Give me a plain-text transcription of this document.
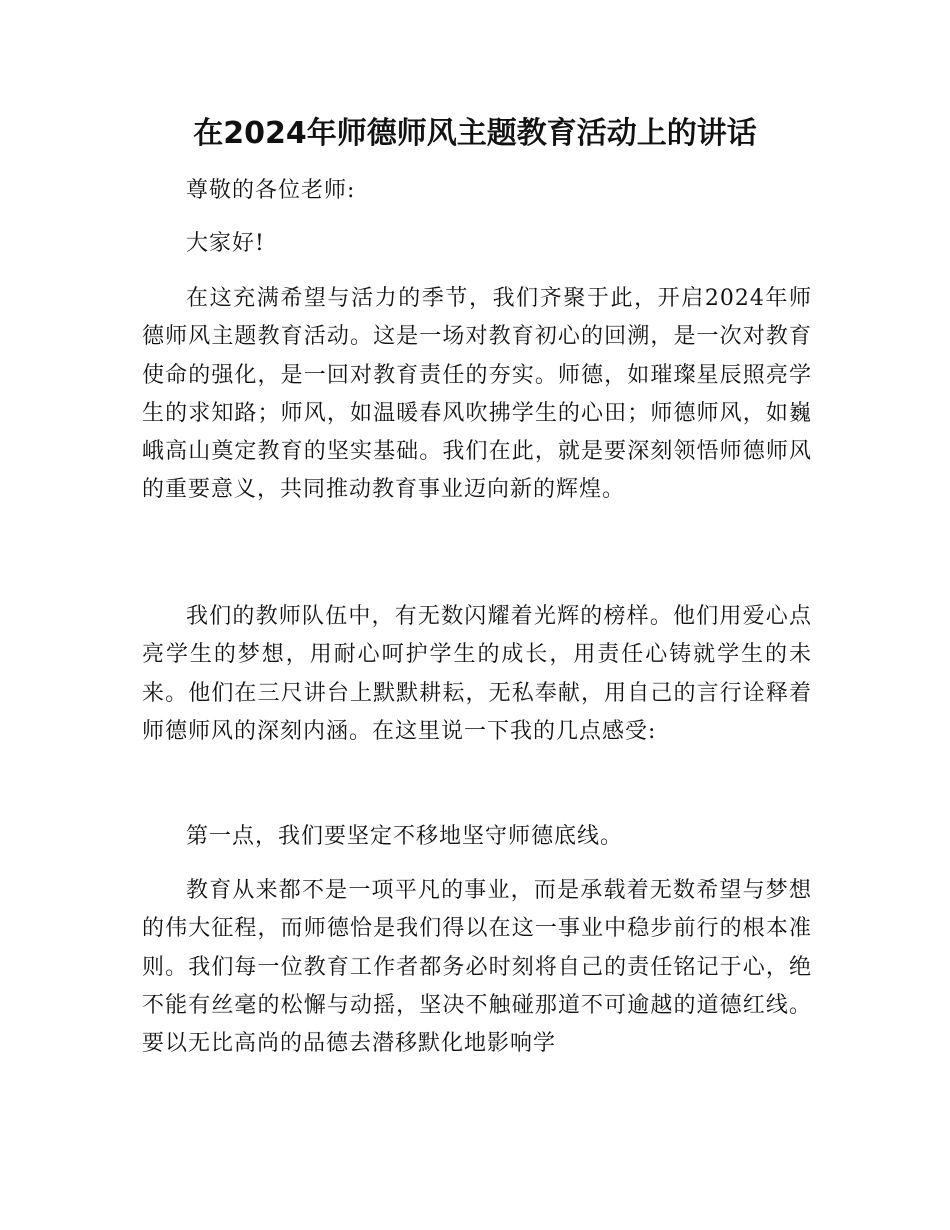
在2024年师德师风主题教育活动上的讲话

尊敬的各位老师:

大家好!

在这充满希望与活力的季节，我们齐聚于此，开启2024年师德师风主题教育活动。这是一场对教育初心的回溯，是一次对教育使命的强化，是一回对教育责任的夯实。师德，如璀璨星辰照亮学生的求知路；师风，如温暖春风吹拂学生的心田；师德师风，如巍峨高山奠定教育的坚实基础。我们在此，就是要深刻领悟师德师风的重要意义，共同推动教育事业迈向新的辉煌。

我们的教师队伍中，有无数闪耀着光辉的榜样。他们用爱心点亮学生的梦想，用耐心呵护学生的成长，用责任心铸就学生的未来。他们在三尺讲台上默默耕耘，无私奉献，用自己的言行诠释着师德师风的深刻内涵。在这里说一下我的几点感受:

第一点，我们要坚定不移地坚守师德底线。

教育从来都不是一项平凡的事业，而是承载着无数希望与梦想的伟大征程，而师德恰是我们得以在这一事业中稳步前行的根本准则。我们每一位教育工作者都务必时刻将自己的责任铭记于心，绝不能有丝毫的松懈与动摇，坚决不触碰那道不可逾越的道德红线。要以无比高尚的品德去潜移默化地影响学
